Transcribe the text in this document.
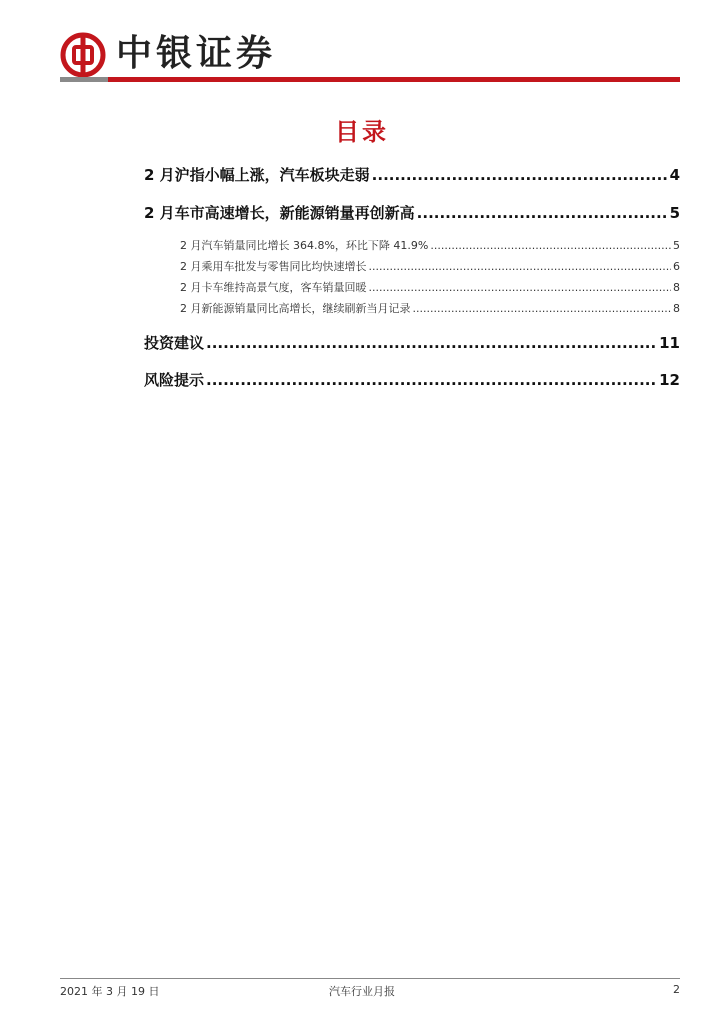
中银证券
目录
2 月沪指小幅上涨，汽车板块走弱 .....	4
2 月车市高速增长，新能源销量再创新高 .....	5
2 月汽车销量同比增长 364.8%，环比下降 41.9% .....	5
2 月乘用车批发与零售同比均快速增长 .....	6
2 月卡车维持高景气度，客车销量回暖 .....	8
2 月新能源销量同比高增长，继续刷新当月记录 .....	8
投资建议 .....	11
风险提示 .....	12
2021 年 3 月 19 日	汽车行业月报	2
